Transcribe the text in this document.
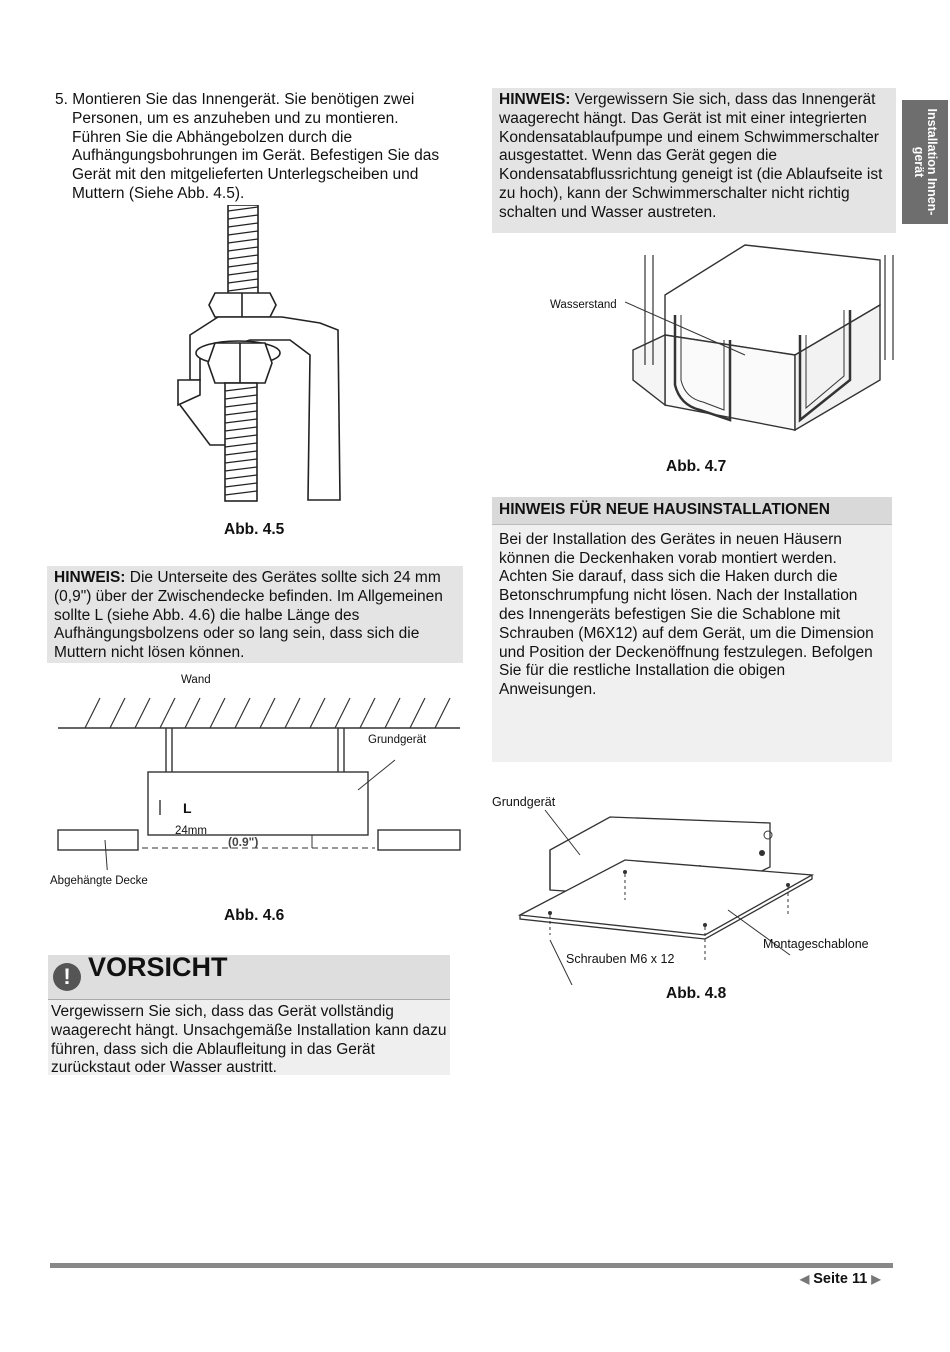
5. Montieren Sie das Innengerät. Sie benötigen zwei Personen, um es anzuheben und zu montieren. Führen Sie die Abhängebolzen durch die Aufhängungsbohrungen im Gerät. Befestigen Sie das Gerät mit den mitgelieferten Unterlegscheiben und Muttern (Siehe Abb. 4.5).

HINWEIS: Vergewissern Sie sich, dass das Innengerät waagerecht hängt. Das Gerät ist mit einer integrierten Kondensatablaufpumpe und einem Schwimmerschalter ausgestattet. Wenn das Gerät gegen die Kondensatabflussrichtung geneigt ist (die Ablaufseite ist zu hoch), kann der Schwimmerschalter nicht richtig schalten und Wasser austreten.	Installation Innen-
gerät
Abb. 4.5
Wasserstand
Abb. 4.7
HINWEIS: Die Unterseite des Gerätes sollte sich 24 mm (0,9") über der Zwischendecke befinden. Im Allgemeinen sollte L (siehe Abb. 4.6) die halbe Länge des Aufhängungsbolzens oder so lang sein, dass sich die Muttern nicht lösen können.
HINWEIS FÜR NEUE HAUSINSTALLATIONEN
Bei der Installation des Gerätes in neuen Häusern können die Deckenhaken vorab montiert werden. Achten Sie darauf, dass sich die Haken durch die Betonschrumpfung nicht lösen. Nach der Installation des Innengeräts befestigen Sie die Schablone mit Schrauben (M6X12) auf dem Gerät, um die Dimension und Position der Deckenöffnung festzulegen. Befolgen Sie für die restliche Installation die obigen Anweisungen.
Wand
Grundgerät
L
24mm
(0.9")
Abgehängte Decke
Abb. 4.6
Grundgerät
Schrauben M6 x 12
Montageschablone
Abb. 4.8
! VORSICHT
Vergewissern Sie sich, dass das Gerät vollständig waagerecht hängt. Unsachgemäße Installation kann dazu führen, dass sich die Ablaufleitung in das Gerät zurückstaut oder Wasser austritt.
◀ Seite 11 ▶
